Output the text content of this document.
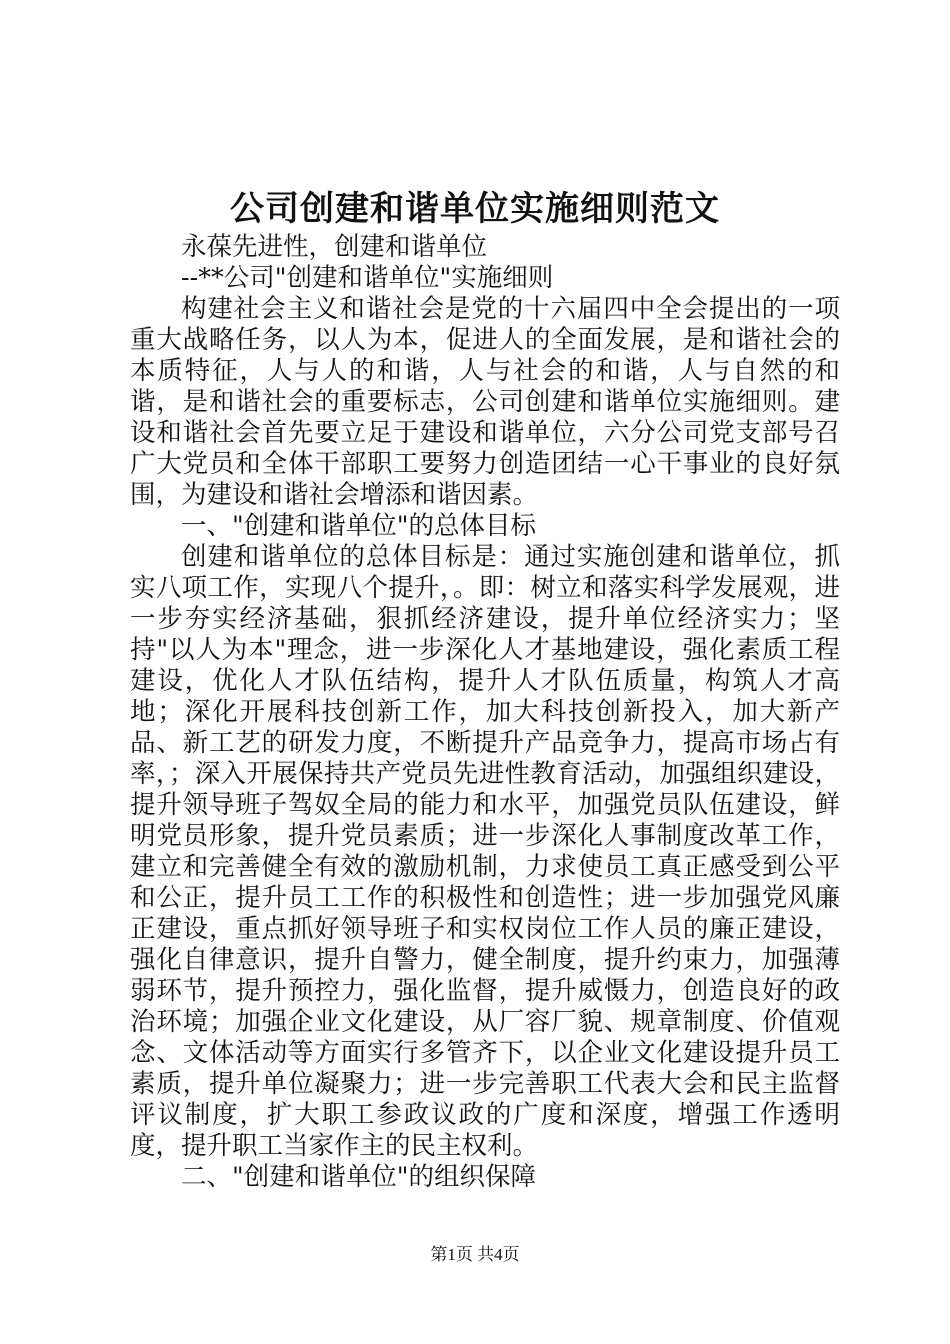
公司创建和谐单位实施细则范文

永葆先进性，创建和谐单位

--**公司"创建和谐单位"实施细则

构建社会主义和谐社会是党的十六届四中全会提出的一项重大战略任务，以人为本，促进人的全面发展，是和谐社会的本质特征，人与人的和谐，人与社会的和谐，人与自然的和谐，是和谐社会的重要标志，公司创建和谐单位实施细则。建设和谐社会首先要立足于建设和谐单位，六分公司党支部号召广大党员和全体干部职工要努力创造团结一心干事业的良好氛围，为建设和谐社会增添和谐因素。

一、"创建和谐单位"的总体目标

创建和谐单位的总体目标是：通过实施创建和谐单位，抓实八项工作，实现八个提升，。即：树立和落实科学发展观，进一步夯实经济基础，狠抓经济建设，提升单位经济实力；坚持"以人为本"理念，进一步深化人才基地建设，强化素质工程建设，优化人才队伍结构，提升人才队伍质量，构筑人才高地；深化开展科技创新工作，加大科技创新投入，加大新产品、新工艺的研发力度，不断提升产品竞争力，提高市场占有率，；深入开展保持共产党员先进性教育活动，加强组织建设，提升领导班子驾奴全局的能力和水平，加强党员队伍建设，鲜明党员形象，提升党员素质；进一步深化人事制度改革工作，建立和完善健全有效的激励机制，力求使员工真正感受到公平和公正，提升员工工作的积极性和创造性；进一步加强党风廉正建设，重点抓好领导班子和实权岗位工作人员的廉正建设，强化自律意识，提升自警力，健全制度，提升约束力，加强薄弱环节，提升预控力，强化监督，提升威慑力，创造良好的政治环境；加强企业文化建设，从厂容厂貌、规章制度、价值观念、文体活动等方面实行多管齐下，以企业文化建设提升员工素质，提升单位凝聚力；进一步完善职工代表大会和民主监督评议制度，扩大职工参政议政的广度和深度，增强工作透明度，提升职工当家作主的民主权利。

二、"创建和谐单位"的组织保障

第1页 共4页
